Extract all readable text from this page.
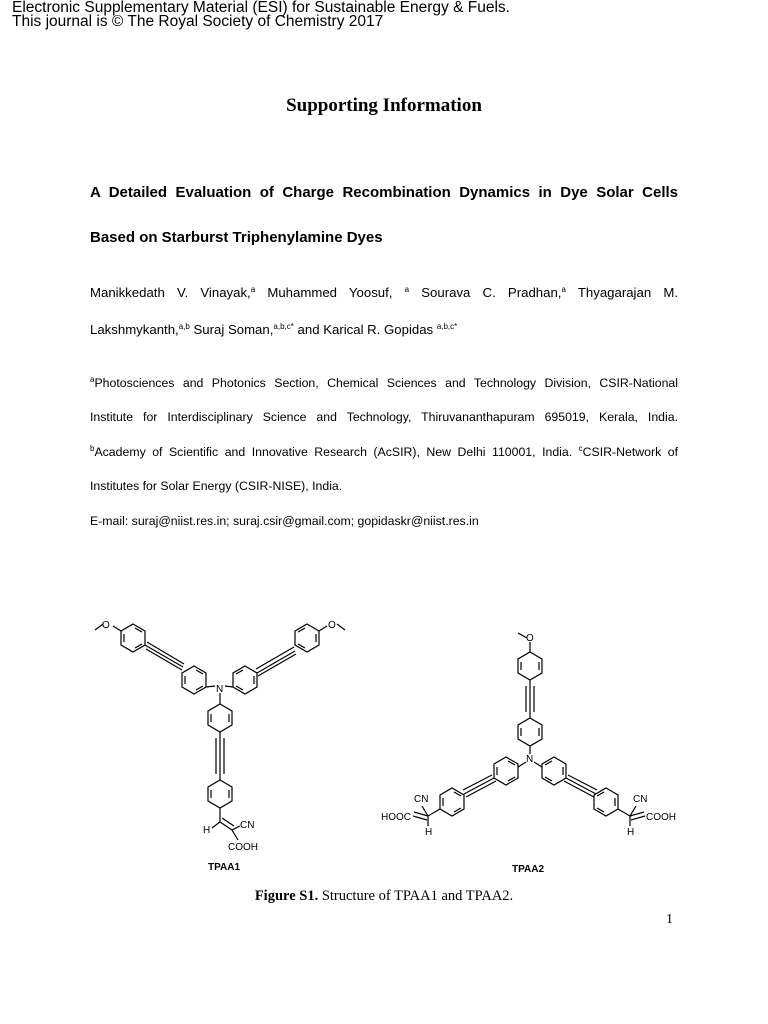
Electronic Supplementary Material (ESI) for Sustainable Energy & Fuels.
This journal is © The Royal Society of Chemistry 2017
Supporting Information
A Detailed Evaluation of Charge Recombination Dynamics in Dye Solar Cells
Based on Starburst Triphenylamine Dyes
Manikkedath V. Vinayak,$^a$ Muhammed Yoosuf, $^a$ Sourava C. Pradhan,$^a$ Thyagarajan M.
Lakshmykanth,$^{a,b}$ Suraj Soman,$^{a,b,c*}$ and Karical R. Gopidas $^{a,b,c*}$
$^a$Photosciences and Photonics Section, Chemical Sciences and Technology Division, CSIR-National
Institute for Interdisciplinary Science and Technology, Thiruvananthapuram 695019, Kerala, India.
$^b$Academy of Scientific and Innovative Research (AcSIR), New Delhi 110001, India. $^c$CSIR-Network of
Institutes for Solar Energy (CSIR-NISE), India.
E-mail: suraj@niist.res.in; suraj.csir@gmail.com; gopidaskr@niist.res.in
O	O
N
CN
H
COOH
TPAA1
O
N
CN
HOOC
H
CN
COOH
H
TPAA2
Figure S1. Structure of TPAA1 and TPAA2.
1
